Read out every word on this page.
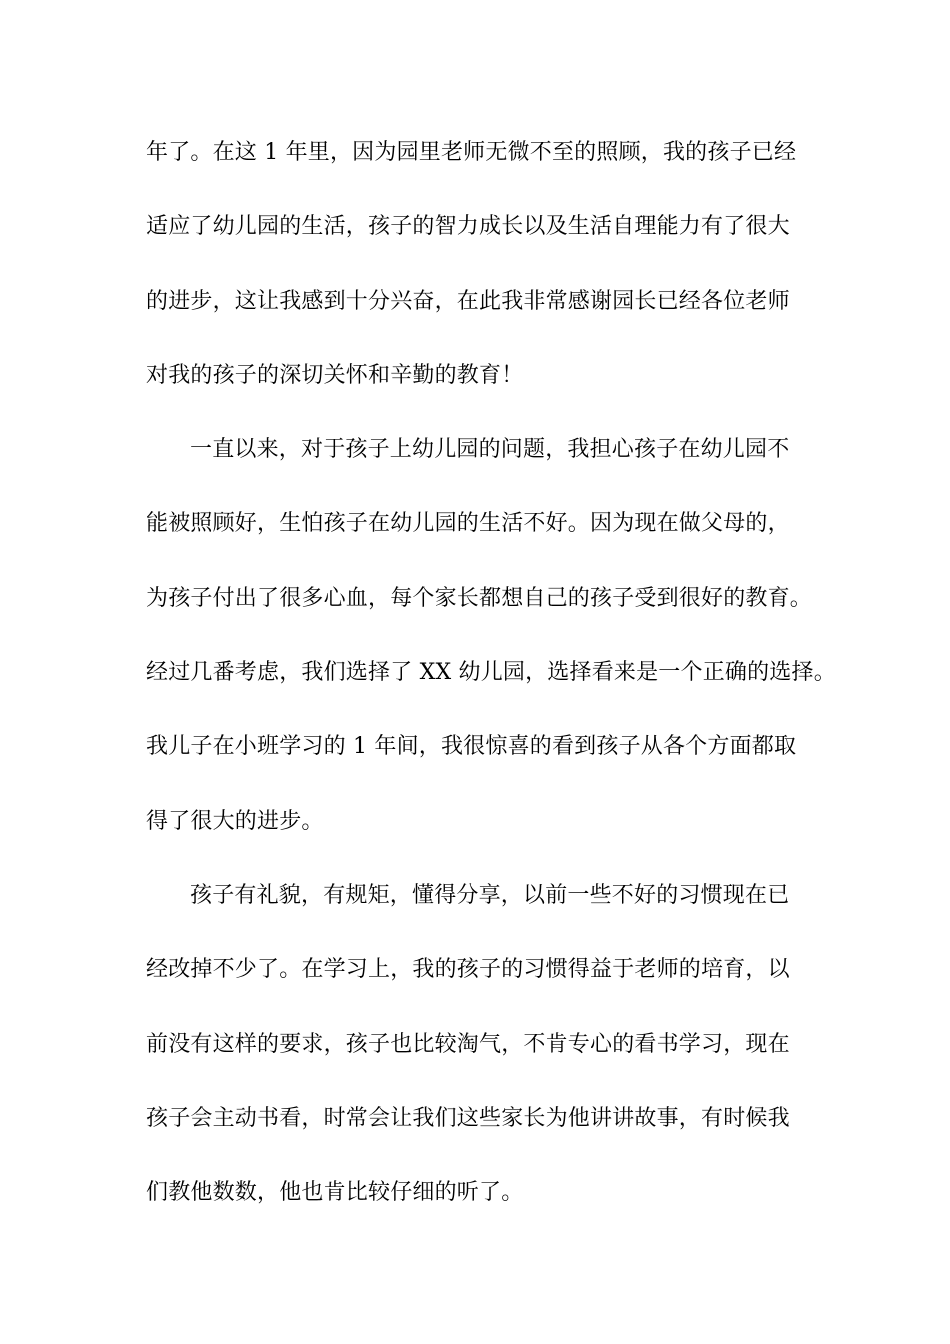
年了。在这 1 年里，因为园里老师无微不至的照顾，我的孩子已经
适应了幼儿园的生活，孩子的智力成长以及生活自理能力有了很大
的进步，这让我感到十分兴奋，在此我非常感谢园长已经各位老师
对我的孩子的深切关怀和辛勤的教育！
一直以来，对于孩子上幼儿园的问题，我担心孩子在幼儿园不
能被照顾好，生怕孩子在幼儿园的生活不好。因为现在做父母的，
为孩子付出了很多心血，每个家长都想自己的孩子受到很好的教育。
经过几番考虑，我们选择了 XX 幼儿园，选择看来是一个正确的选择。
我儿子在小班学习的 1 年间，我很惊喜的看到孩子从各个方面都取
得了很大的进步。
孩子有礼貌，有规矩，懂得分享，以前一些不好的习惯现在已
经改掉不少了。在学习上，我的孩子的习惯得益于老师的培育，以
前没有这样的要求，孩子也比较淘气，不肯专心的看书学习，现在
孩子会主动书看，时常会让我们这些家长为他讲讲故事，有时候我
们教他数数，他也肯比较仔细的听了。
